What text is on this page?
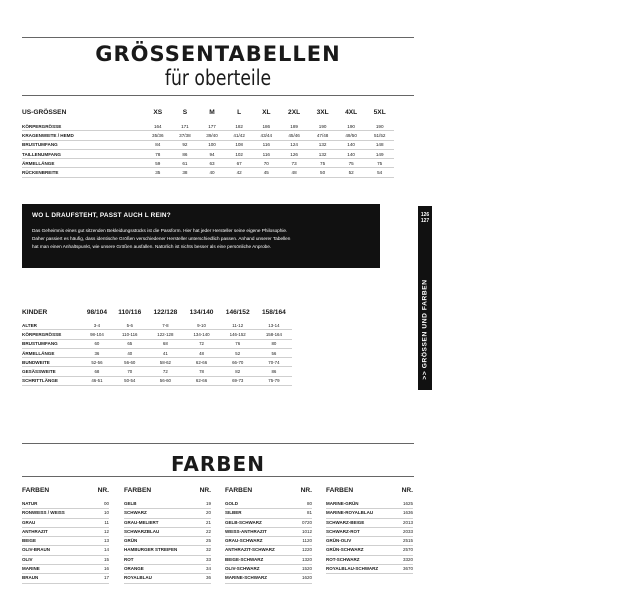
GRÖSSENTABELLEN
für oberteile
US-GRÖSSEN	XS	S	M	L	XL	2XL	3XL	4XL	5XL
KÖRPERGRÖSSE	164	171	177	182	186	189	190	190	190
KRAGENWEITE / HEMD	35/36	37/38	39/40	41/42	43/44	45/46	47/48	49/50	51/52
BRUSTUMFANG	84	92	100	108	116	124	132	140	148
TAILLENUMFANG	78	86	94	102	116	126	132	140	149
ÄRMELLÄNGE	59	61	63	67	70	73	75	75	75
RÜCKENBREITE	35	38	40	42	45	48	50	52	54
WO L DRAUFSTEHT, PASST AUCH L REIN?
Das Geheimnis eines gut sitzenden Bekleidungsstücks ist die Passform. Hier hat jeder Hersteller seine eigene Philosophie.
Daher passiert es häufig, dass identische Größen verschiedener Hersteller unterschiedlich passen. Anhand unserer Tabellen
hat man einen Anhaltspunkt, wie unsere Größen ausfallen. Natürlich ist nichts besser als eine persönliche Anprobe.
126
127
>> GRÖSSEN UND FARBEN
KINDER	98/104	110/116	122/128	134/140	146/152	158/164
ALTER	3-4	5-6	7-8	9-10	11-12	13-14
KÖRPERGRÖSSE	98-104	110-116	122-128	134-140	146-152	158-164
BRUSTUMFANG	60	65	68	72	76	80
ÄRMELLÄNGE	36	40	41	48	52	56
BUNDWEITE	52-56	56-60	58-62	62-66	66-70	70-74
GESÄSSWEITE	68	70	72	78	82	86
SCHRITTLÄNGE	46-51	50-54	56-60	62-66	69-73	75-79
FARBEN
FARBEN	NR.
NATUR	00
RONWEISS / WEISS	10
GRAU	11
ANTHRAZIT	12
BEIGE	13
OLIV-BRAUN	14
OLIV	15
MARINE	16
BRAUN	17
FARBEN	NR.
GELB	19
SCHWARZ	20
GRAU-MELIERT	21
SCHWARZBLAU	22
GRÜN	25
HAMBURGER STREIFEN	32
ROT	33
ORANGE	34
ROYALBLAU	36
FARBEN	NR.
GOLD	80
SILBER	81
GELB-SCHWARZ	0720
WEISS-ANTHRAZIT	1012
GRAU-SCHWARZ	1120
ANTHRAZIT-SCHWARZ	1220
BEIGE-SCHWARZ	1320
OLIV-SCHWARZ	1520
MARINE-SCHWARZ	1620
FARBEN	NR.
MARINE-GRÜN	1625
MARINE-ROYALBLAU	1636
SCHWARZ-BEIGE	2013
SCHWARZ-ROT	2033
GRÜN-OLIV	2515
GRÜN-SCHWARZ	2570
ROT-SCHWARZ	3320
ROYALBLAU-SCHWARZ	3670
